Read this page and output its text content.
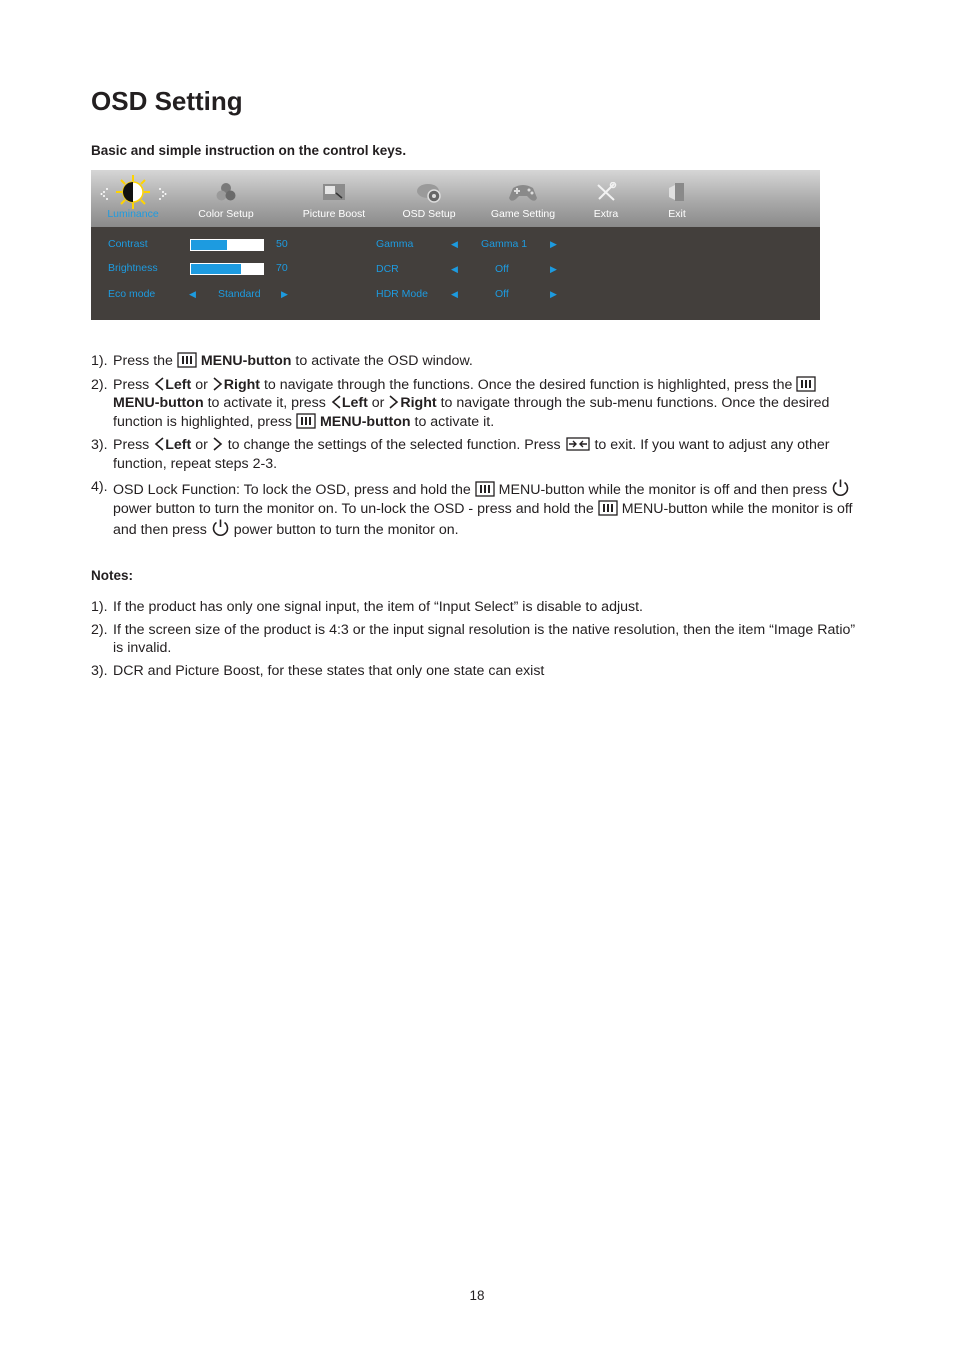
OSD Setting

Basic and simple instruction on the control keys.

Luminance	Color Setup	Picture Boost	OSD Setup	Game Setting	Extra	Exit
Contrast	50
Brightness	70
Eco mode	◀ Standard ▶
Gamma	◀ Gamma 1	▶
DCR	◀	Off	▶
HDR Mode	◀	Off	▶
1). Press the MENU-button to activate the OSD window.
2). Press Left or Right to navigate through the functions. Once the desired function is highlighted, press the  MENU-button to activate it, press Left or Right to navigate through the sub-menu functions. Once the desired function is highlighted, press MENU-button to activate it.
3). Press Left or to change the settings of the selected function. Press to exit. If you want to adjust any other function, repeat steps 2-3.
4). OSD Lock Function: To lock the OSD, press and hold the MENU-button while the monitor is off and then press  power button to turn the monitor on. To un-lock the OSD - press and hold the MENU-button while the monitor is off and then press power button to turn the monitor on.

Notes:

1). If the product has only one signal input, the item of “Input Select” is disable to adjust.
2). If the screen size of the product is 4:3 or the input signal resolution is the native resolution, then the item “Image Ratio” is invalid.
3). DCR and Picture Boost, for these states that only one state can exist
18
